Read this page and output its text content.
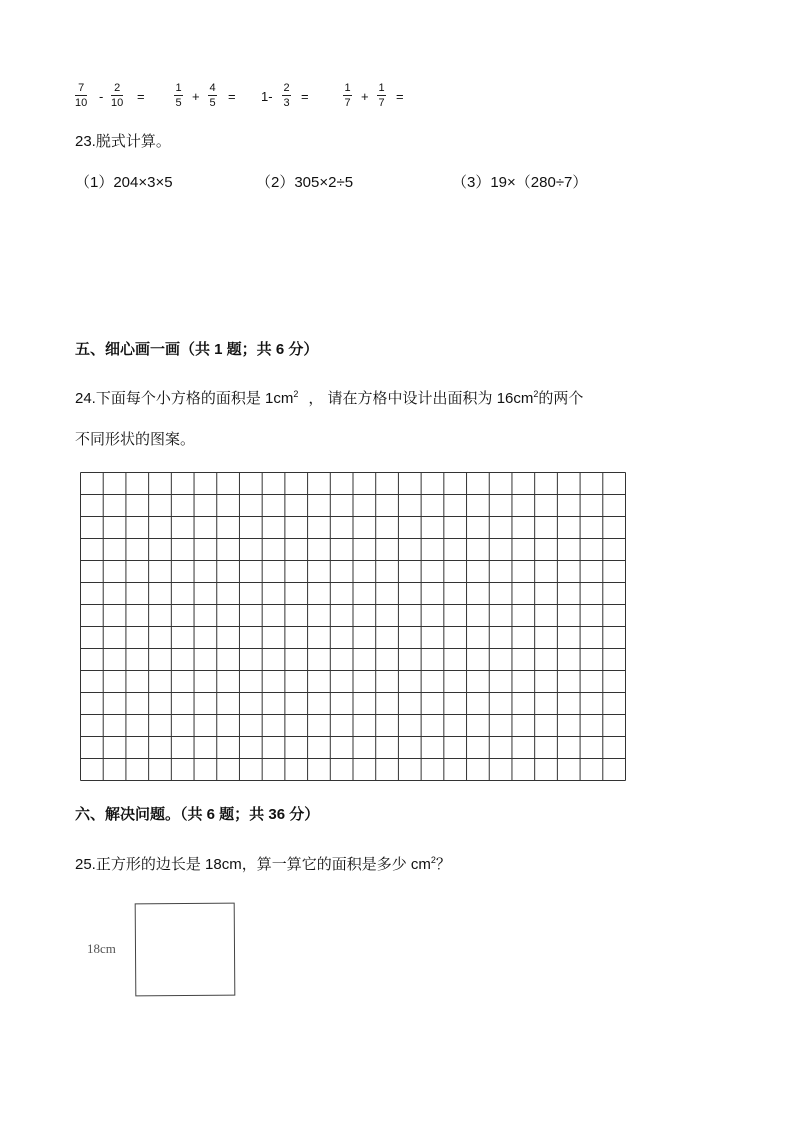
7
10 -
2
10 =
1
5 +
4
5 = 1-
2
3 =
1
7 +
1
7 =
23.脱式计算。
（1）204×3×5	（2）305×2÷5	（3）19×（280÷7）
五、细心画一画（共 1 题；共 6 分）
24.下面每个小方格的面积是 $1cm^2$ ， 请在方格中设计出面积为 $16cm^2$的两个
不同形状的图案。
六、解决问题。（共 6 题；共 36 分）
25.正方形的边长是 18cm，算一算它的面积是多少 $cm^2$？
18cm
